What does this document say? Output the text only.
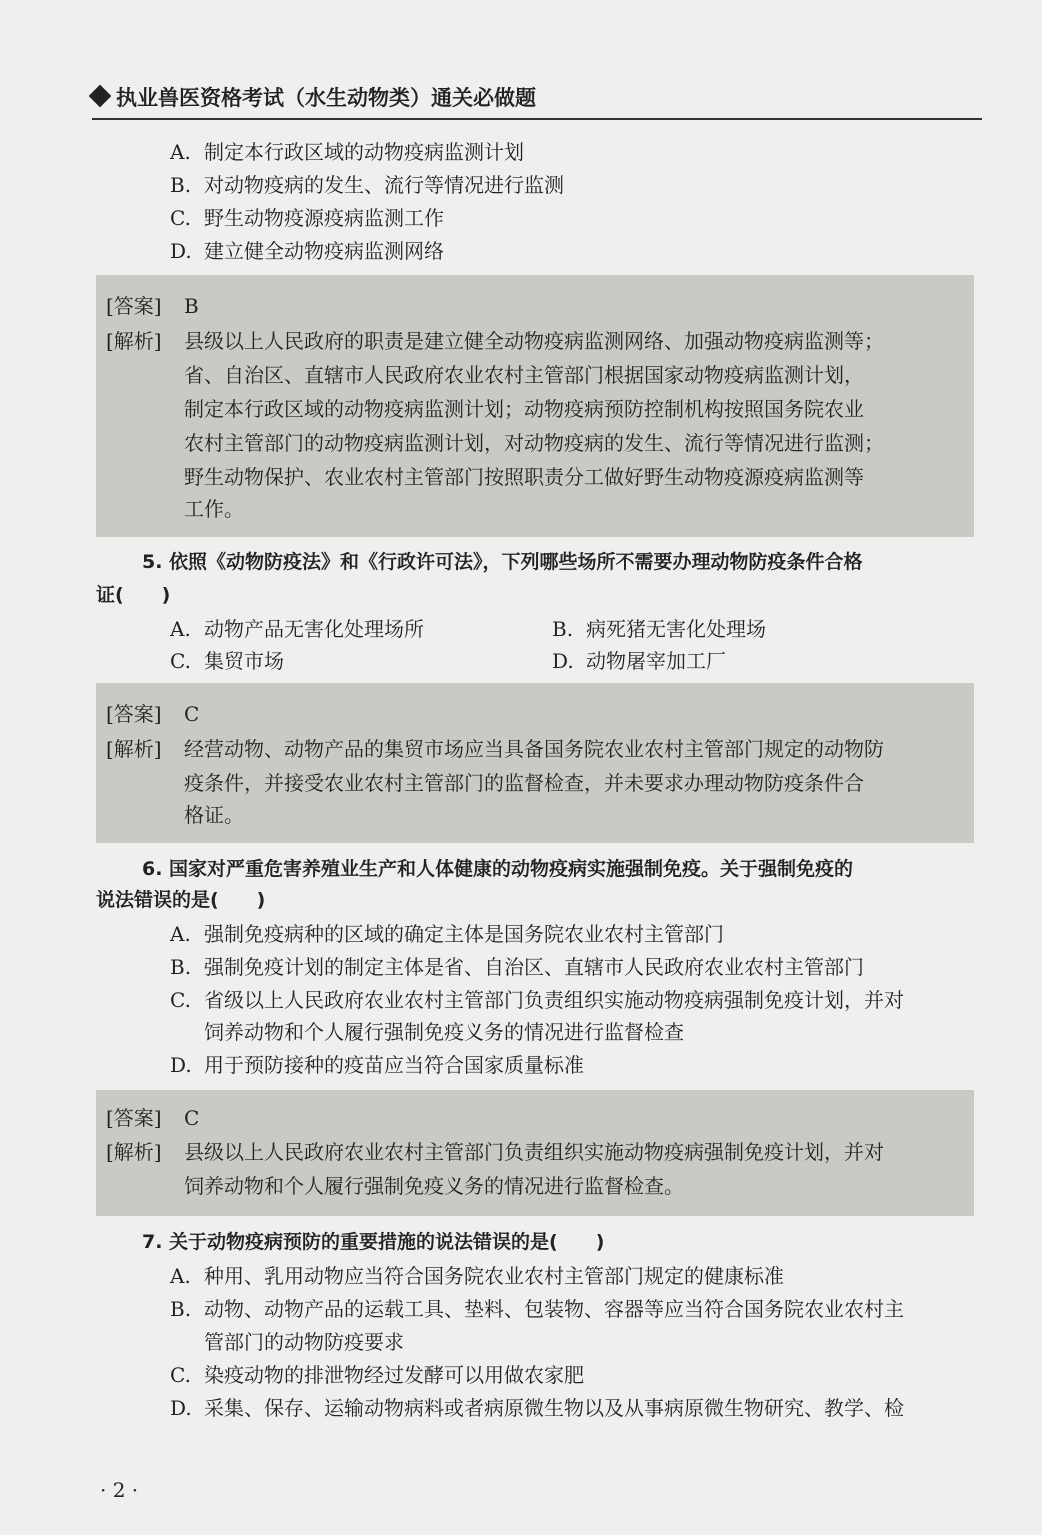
执业兽医资格考试（水生动物类）通关必做题
A. 制定本行政区域的动物疫病监测计划
B. 对动物疫病的发生、流行等情况进行监测
C. 野生动物疫源疫病监测工作
D. 建立健全动物疫病监测网络
[答案] B
[解析] 县级以上人民政府的职责是建立健全动物疫病监测网络、加强动物疫病监测等；
省、自治区、直辖市人民政府农业农村主管部门根据国家动物疫病监测计划，
制定本行政区域的动物疫病监测计划；动物疫病预防控制机构按照国务院农业
农村主管部门的动物疫病监测计划，对动物疫病的发生、流行等情况进行监测；
野生动物保护、农业农村主管部门按照职责分工做好野生动物疫源疫病监测等
工作。
5. 依照《动物防疫法》和《行政许可法》，下列哪些场所不需要办理动物防疫条件合格
证(　　)
A. 动物产品无害化处理场所	B. 病死猪无害化处理场
C. 集贸市场	D. 动物屠宰加工厂
[答案] C
[解析] 经营动物、动物产品的集贸市场应当具备国务院农业农村主管部门规定的动物防
疫条件，并接受农业农村主管部门的监督检查，并未要求办理动物防疫条件合
格证。
6. 国家对严重危害养殖业生产和人体健康的动物疫病实施强制免疫。关于强制免疫的
说法错误的是(　　)
A. 强制免疫病种的区域的确定主体是国务院农业农村主管部门
B. 强制免疫计划的制定主体是省、自治区、直辖市人民政府农业农村主管部门
C. 省级以上人民政府农业农村主管部门负责组织实施动物疫病强制免疫计划，并对
饲养动物和个人履行强制免疫义务的情况进行监督检查
D. 用于预防接种的疫苗应当符合国家质量标准
[答案] C
[解析] 县级以上人民政府农业农村主管部门负责组织实施动物疫病强制免疫计划，并对
饲养动物和个人履行强制免疫义务的情况进行监督检查。
7. 关于动物疫病预防的重要措施的说法错误的是(　　)
A. 种用、乳用动物应当符合国务院农业农村主管部门规定的健康标准
B. 动物、动物产品的运载工具、垫料、包装物、容器等应当符合国务院农业农村主
管部门的动物防疫要求
C. 染疫动物的排泄物经过发酵可以用做农家肥
D. 采集、保存、运输动物病料或者病原微生物以及从事病原微生物研究、教学、检
· 2 ·
